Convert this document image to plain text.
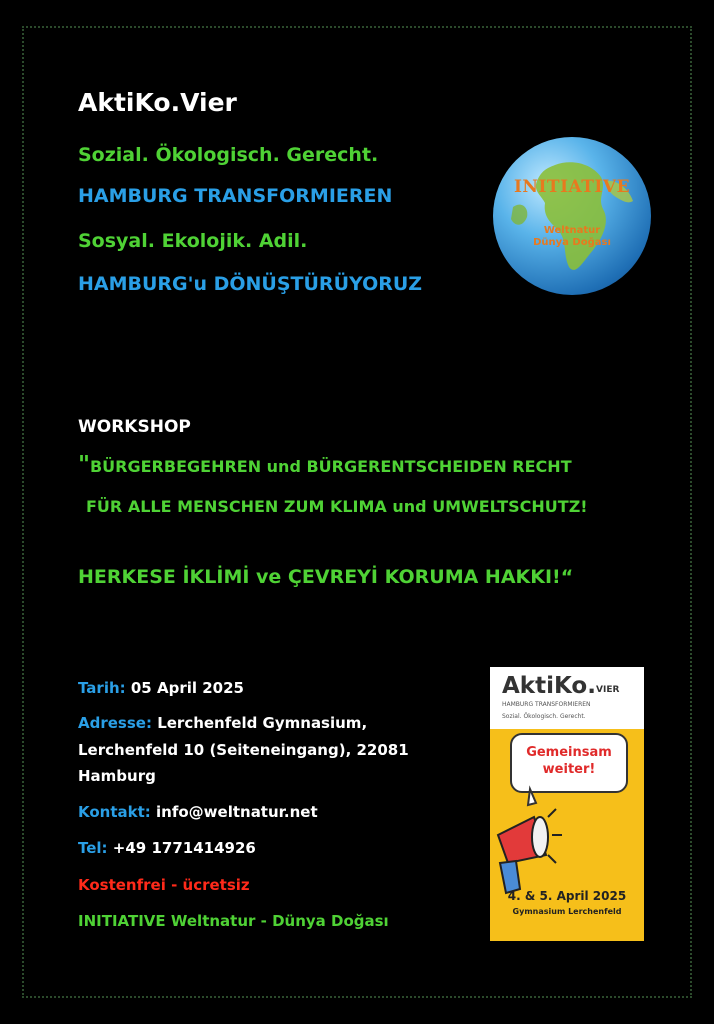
AktiKo.Vier
Sozial. Ökologisch. Gerecht.
HAMBURG TRANSFORMIEREN
Sosyal. Ekolojik. Adil.
HAMBURG'u DÖNÜŞTÜRÜYORUZ
INITIATIVE
Weltnatur
Dünya Doğası
WORKSHOP
"BÜRGERBEGEHREN und BÜRGERENTSCHEIDEN RECHT
FÜR ALLE MENSCHEN ZUM KLIMA und UMWELTSCHUTZ!
HERKESE İKLİMİ ve ÇEVREYİ KORUMA HAKKI!“
Tarih: 05 April 2025
Adresse: Lerchenfeld Gymnasium,
Lerchenfeld 10 (Seiteneingang), 22081
Hamburg
Kontakt: info@weltnatur.net
Tel: +49 1771414926
Kostenfrei - ücretsiz
INITIATIVE Weltnatur - Dünya Doğası
AktiKo. VIER
HAMBURG TRANSFORMIEREN
Sozial. Ökologisch. Gerecht.
Gemeinsam
weiter!
4. & 5. April 2025
Gymnasium Lerchenfeld
